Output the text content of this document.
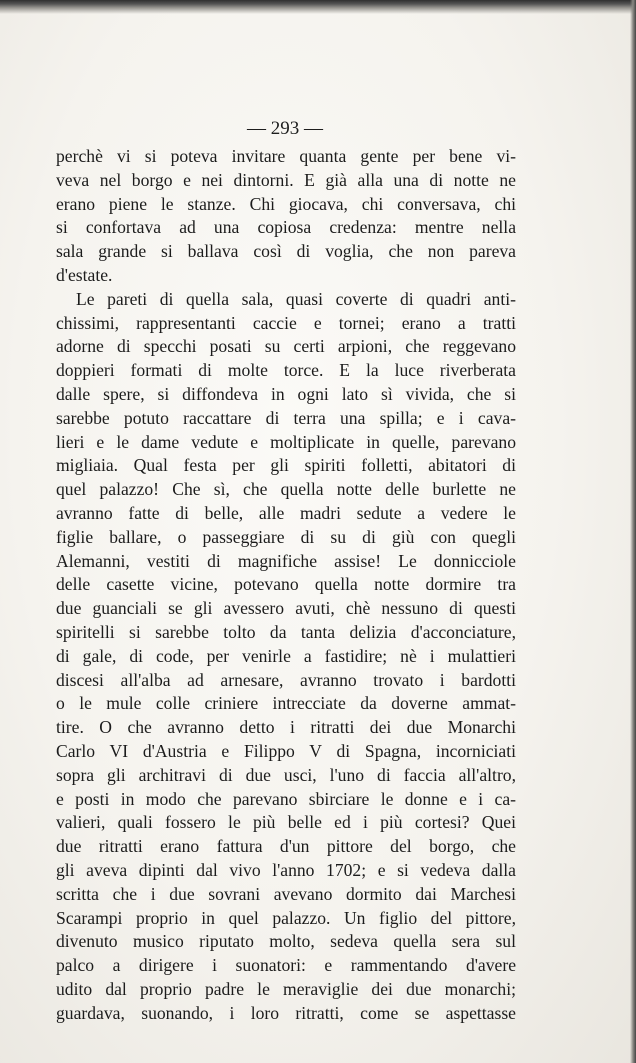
— 293 —
perchè vi si poteva invitare quanta gente per bene vi-
veva nel borgo e nei dintorni. E già alla una di notte ne
erano piene le stanze. Chi giocava, chi conversava, chi
si confortava ad una copiosa credenza: mentre nella
sala grande si ballava così di voglia, che non pareva
d'estate.
Le pareti di quella sala, quasi coverte di quadri anti-
chissimi, rappresentanti caccie e tornei; erano a tratti
adorne di specchi posati su certi arpioni, che reggevano
doppieri formati di molte torce. E la luce riverberata
dalle spere, si diffondeva in ogni lato sì vivida, che si
sarebbe potuto raccattare di terra una spilla; e i cava-
lieri e le dame vedute e moltiplicate in quelle, parevano
migliaia. Qual festa per gli spiriti folletti, abitatori di
quel palazzo! Che sì, che quella notte delle burlette ne
avranno fatte di belle, alle madri sedute a vedere le
figlie ballare, o passeggiare di su di giù con quegli
Alemanni, vestiti di magnifiche assise! Le donnicciole
delle casette vicine, potevano quella notte dormire tra
due guanciali se gli avessero avuti, chè nessuno di questi
spiritelli si sarebbe tolto da tanta delizia d'acconciature,
di gale, di code, per venirle a fastidire; nè i mulattieri
discesi all'alba ad arnesare, avranno trovato i bardotti
o le mule colle criniere intrecciate da doverne ammat-
tire. O che avranno detto i ritratti dei due Monarchi
Carlo VI d'Austria e Filippo V di Spagna, incorniciati
sopra gli architravi di due usci, l'uno di faccia all'altro,
e posti in modo che parevano sbirciare le donne e i ca-
valieri, quali fossero le più belle ed i più cortesi? Quei
due ritratti erano fattura d'un pittore del borgo, che
gli aveva dipinti dal vivo l'anno 1702; e si vedeva dalla
scritta che i due sovrani avevano dormito dai Marchesi
Scarampi proprio in quel palazzo. Un figlio del pittore,
divenuto musico riputato molto, sedeva quella sera sul
palco a dirigere i suonatori: e rammentando d'avere
udito dal proprio padre le meraviglie dei due monarchi;
guardava, suonando, i loro ritratti, come se aspettasse
